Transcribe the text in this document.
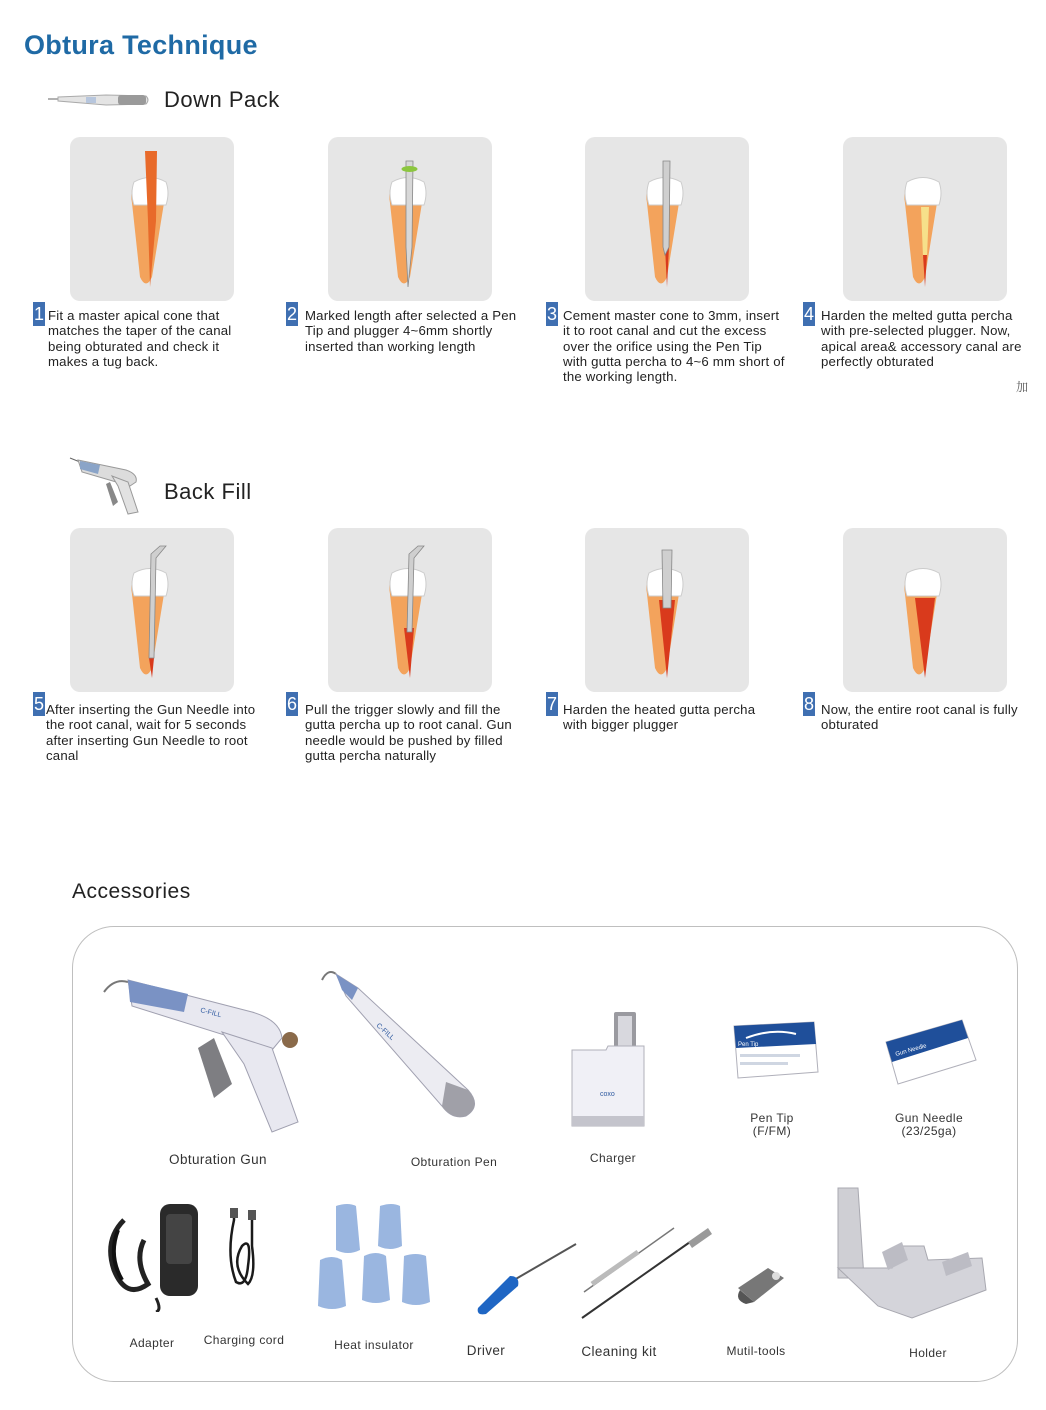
Obtura Technique
Down Pack
1 Fit a master apical cone that matches the taper of the canal being obturated and check it makes a tug back.
2 Marked length after selected a Pen Tip and plugger 4~6mm shortly inserted than working length
3 Cement master cone to 3mm, insert it to root canal and cut the excess over the orifice using the Pen Tip with gutta percha to 4~6 mm short of the working length.
4 Harden the melted gutta percha with pre-selected plugger. Now, apical area& accessory canal are perfectly obturated
加
Back Fill
5 After inserting the Gun Needle into the root canal, wait for 5 seconds after inserting Gun Needle to root canal
6 Pull the trigger slowly and fill the gutta percha up to root canal. Gun needle would be pushed by filled gutta percha naturally
7 Harden the heated gutta percha with bigger plugger
8 Now, the entire root canal is fully obturated
Accessories
C-FILL
Obturation Gun
C-FILL
Obturation Pen
coxo
Charger
Pen Tip
Pen Tip
(F/FM)
Gun Needle
Gun Needle
(23/25ga)
Adapter	Charging cord	Heat insulator	Driver	Cleaning kit	Mutil-tools	Holder
